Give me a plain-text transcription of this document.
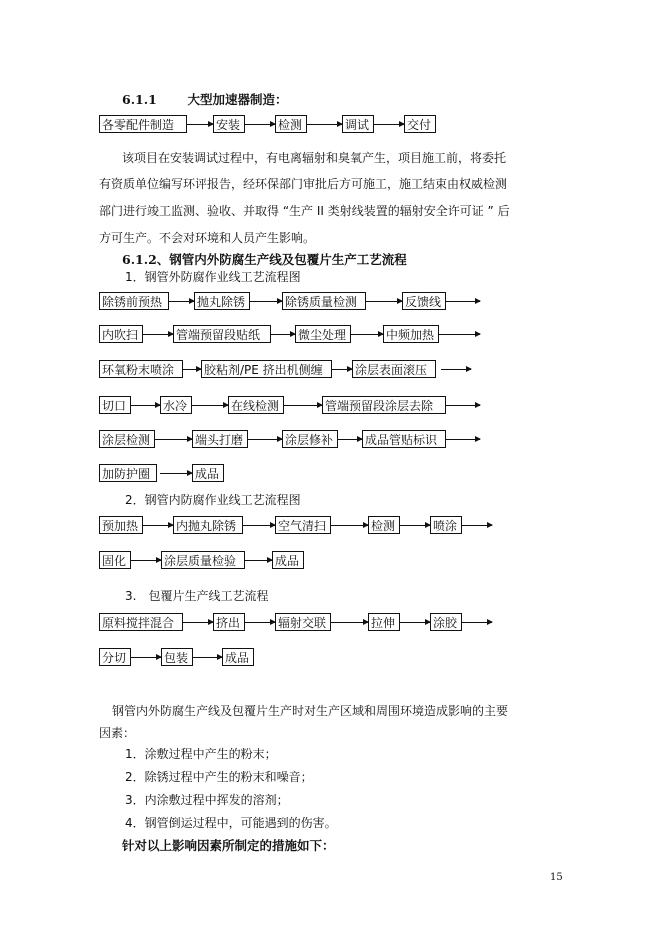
6.1.1 大型加速器制造：
各零配件制造	安装	检测	调试	交付
该项目在安装调试过程中，有电离辐射和臭氧产生，项目施工前，将委托
有资质单位编写环评报告，经环保部门审批后方可施工，施工结束由权威检测
部门进行竣工监测、验收、并取得 “生产 II 类射线装置的辐射安全许可证 ” 后
方可生产。不会对环境和人员产生影响。
6.1.2、钢管内外防腐生产线及包覆片生产工艺流程
1．钢管外防腐作业线工艺流程图
除锈前预热	抛丸除锈	除锈质量检测	反馈线
内吹扫	管端预留段贴纸	微尘处理	中频加热
环氧粉末喷涂	胶粘剂/PE 挤出机侧缠	涂层表面滚压
切口	水冷	在线检测	管端预留段涂层去除
涂层检测	端头打磨	涂层修补	成品管贴标识
加防护圈	成品
2．钢管内防腐作业线工艺流程图
预加热	内抛丸除锈	空气清扫	检测	喷涂
固化	涂层质量检验	成品
3.　包覆片生产线工艺流程
原料搅拌混合	挤出	辐射交联	拉伸	涂胶
分切	包装	成品
钢管内外防腐生产线及包覆片生产时对生产区域和周围环境造成影响的主要
因素：
1．涂敷过程中产生的粉末；
2．除锈过程中产生的粉末和噪音；
3．内涂敷过程中挥发的溶剂；
4．钢管倒运过程中，可能遇到的伤害。
针对以上影响因素所制定的措施如下：
15
